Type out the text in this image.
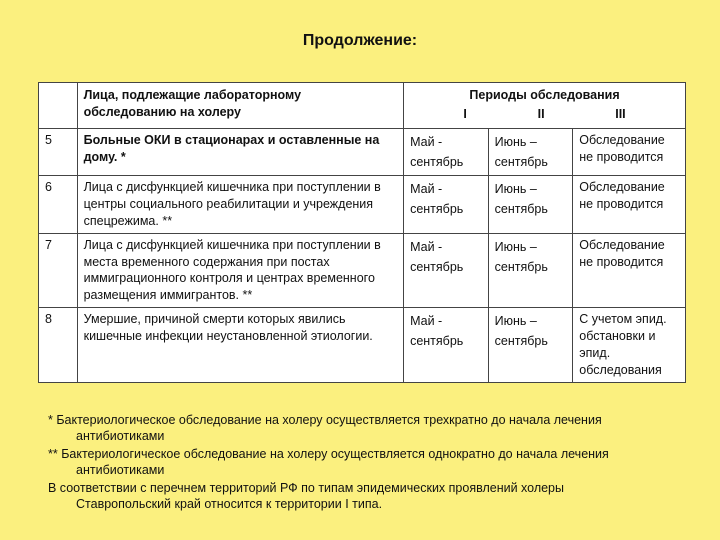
Продолжение:
	Лица, подлежащие лабораторному обследованию на холеру	Периоды обследования
I II III		

5	Больные ОКИ в стационарах и оставленные на дому. *	Май - сентябрь	Июнь – сентябрь	Обследование не проводится
6	Лица с дисфункцией кишечника при поступлении в центры социального реабилитации и учреждения спецрежима. **	Май - сентябрь	Июнь – сентябрь	Обследование не проводится
7	Лица с дисфункцией кишечника при поступлении в места временного содержания при постах иммиграционного контроля и центрах временного размещения иммигрантов. **	Май - сентябрь	Июнь – сентябрь	Обследование не проводится
8	Умершие, причиной смерти которых явились кишечные инфекции неустановленной этиологии.	Май - сентябрь	Июнь – сентябрь	С учетом эпид. обстановки и эпид. обследования

* Бактериологическое обследование на холеру осуществляется трехкратно до начала лечения
антибиотиками

** Бактериологическое обследование на холеру осуществляется однократно до начала лечения
антибиотиками

В соответствии с перечнем территорий РФ по типам эпидемических проявлений холеры
Ставропольский край относится к территории I типа.
